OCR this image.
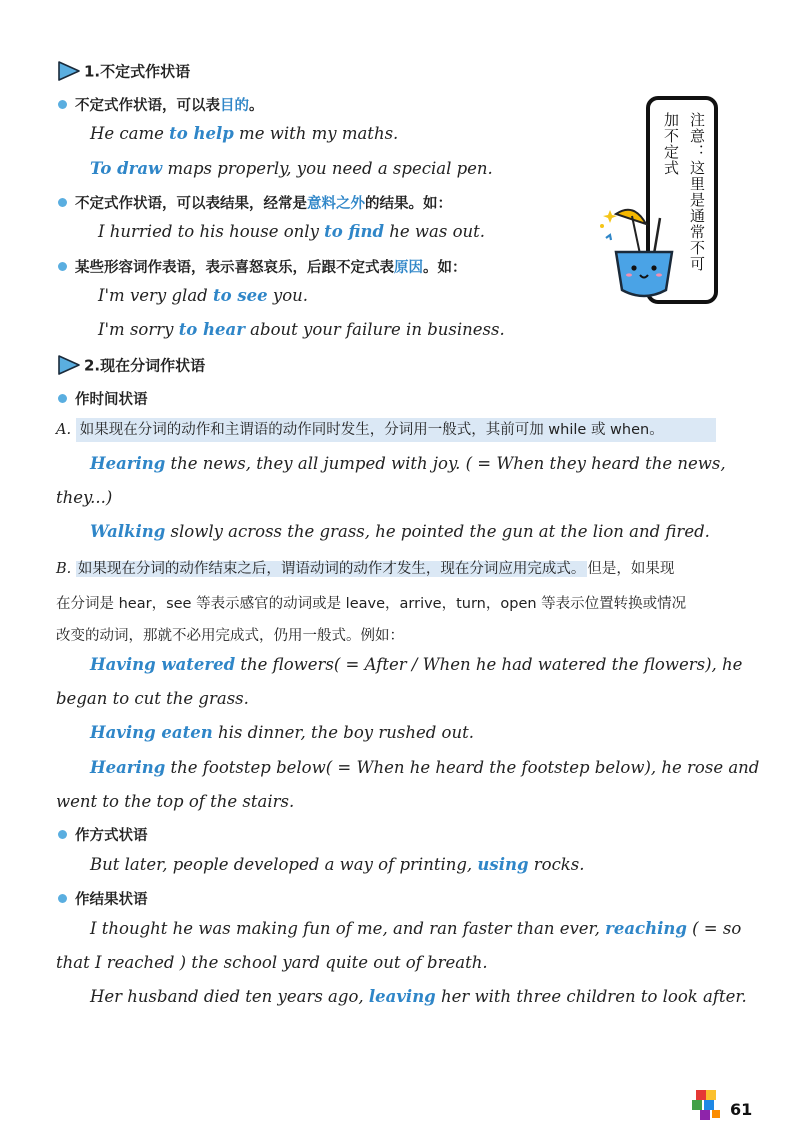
1.不定式作状语
不定式作状语，可以表目的。
He came to help me with my maths.
To draw maps properly, you need a special pen.
不定式作状语，可以表结果，经常是意料之外的结果。如：
I hurried to his house only to find he was out.
某些形容词作表语，表示喜怒哀乐，后跟不定式表原因。如：
I'm very glad to see you.
I'm sorry to hear about your failure in business.
注意：这里是通常不可
加不定式
2.现在分词作状语
作时间状语
A. 如果现在分词的动作和主谓语的动作同时发生，分词用一般式，其前可加 while 或 when。
Hearing the news, they all jumped with joy. ( = When they heard the news,
they...)
Walking slowly across the grass, he pointed the gun at the lion and fired.
B. 如果现在分词的动作结束之后，谓语动词的动作才发生，现在分词应用完成式。 但是，如果现
在分词是 hear，see 等表示感官的动词或是 leave，arrive，turn，open 等表示位置转换或情况
改变的动词，那就不必用完成式，仍用一般式。例如：
Having watered the flowers( = After / When he had watered the flowers), he
began to cut the grass.
Having eaten his dinner, the boy rushed out.
Hearing the footstep below( = When he heard the footstep below), he rose and
went to the top of the stairs.
作方式状语
But later, people developed a way of printing, using rocks.
作结果状语
I thought he was making fun of me, and ran faster than ever, reaching ( = so
that I reached ) the school yard quite out of breath.
Her husband died ten years ago, leaving her with three children to look after.
61
